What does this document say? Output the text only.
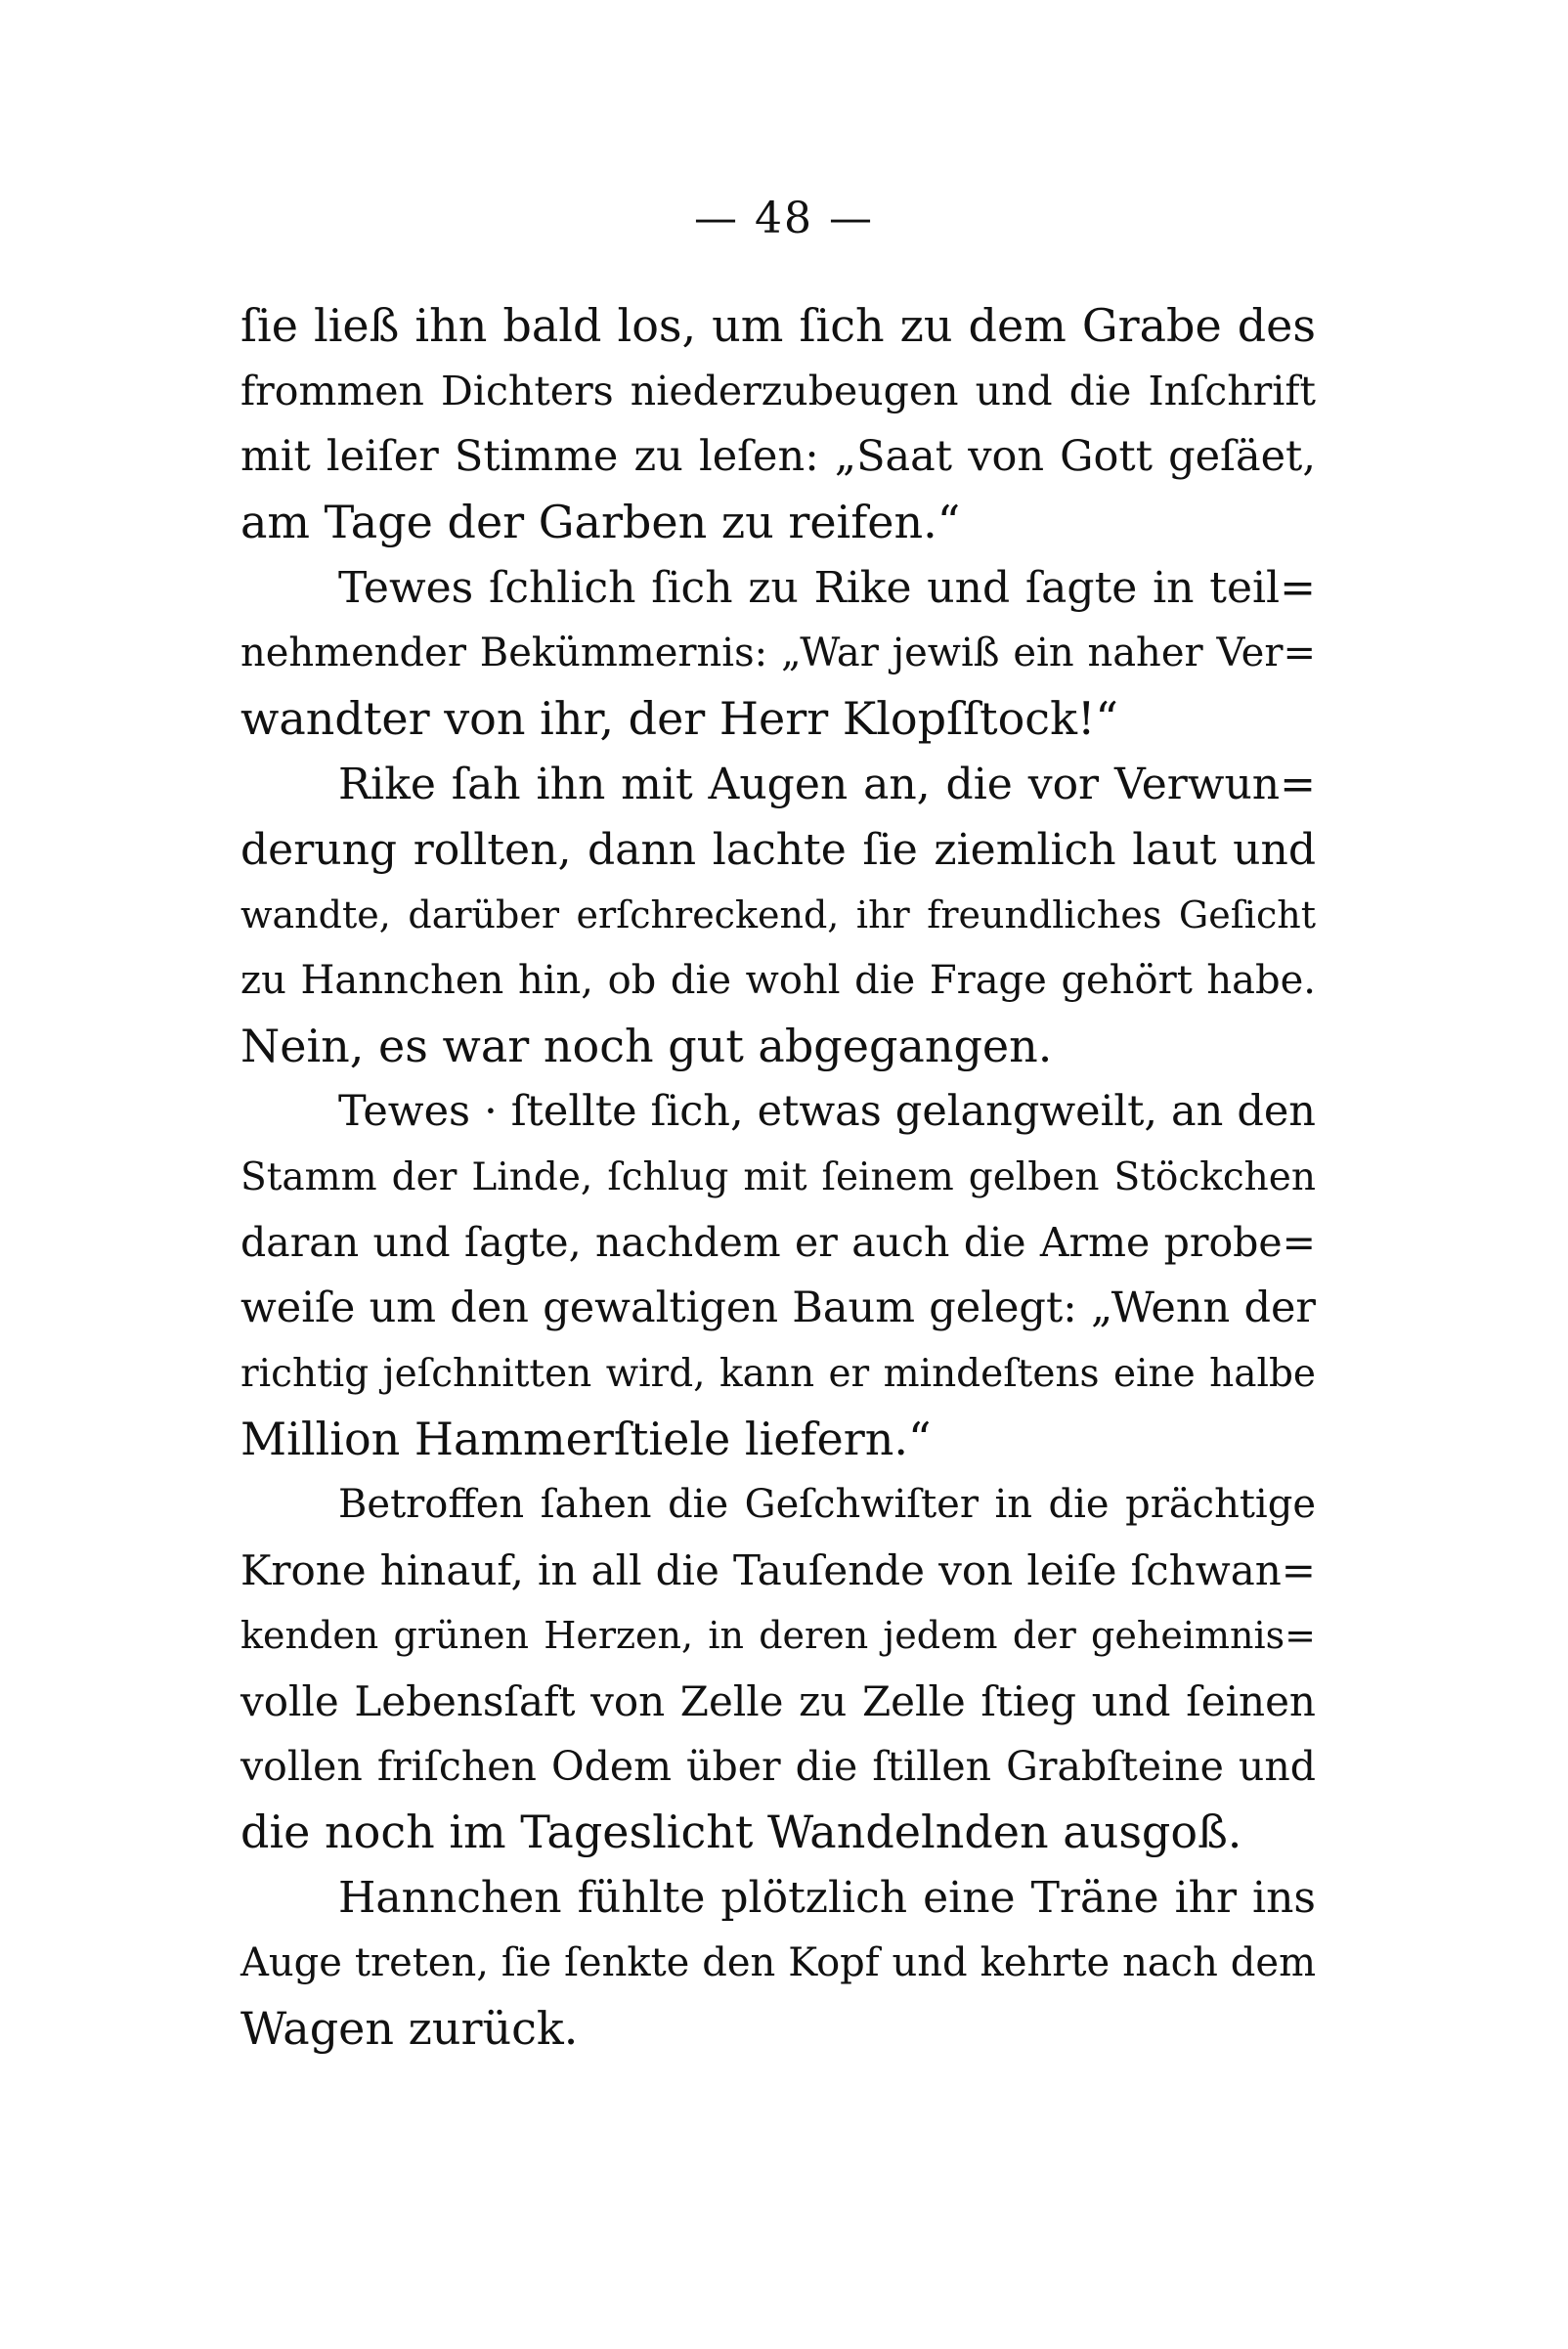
— 48 —
ſie ließ ihn bald los, um ſich zu dem Grabe des
frommen Dichters niederzubeugen und die Inſchrift
mit leiſer Stimme zu leſen: „Saat von Gott geſäet,
am Tage der Garben zu reifen.“
Tewes ſchlich ſich zu Rike und ſagte in teil=
nehmender Bekümmernis: „War jewiß ein naher Ver=
wandter von ihr, der Herr Klopſſtock!“
Rike ſah ihn mit Augen an, die vor Verwun=
derung rollten, dann lachte ſie ziemlich laut und
wandte, darüber erſchreckend, ihr freundliches Geſicht
zu Hannchen hin, ob die wohl die Frage gehört habe.
Nein, es war noch gut abgegangen.
Tewes · ſtellte ſich, etwas gelangweilt, an den
Stamm der Linde, ſchlug mit ſeinem gelben Stöckchen
daran und ſagte, nachdem er auch die Arme probe=
weiſe um den gewaltigen Baum gelegt: „Wenn der
richtig jeſchnitten wird, kann er mindeſtens eine halbe
Million Hammerſtiele liefern.“
Betroffen ſahen die Geſchwiſter in die prächtige
Krone hinauf, in all die Tauſende von leiſe ſchwan=
kenden grünen Herzen, in deren jedem der geheimnis=
volle Lebensſaft von Zelle zu Zelle ſtieg und ſeinen
vollen friſchen Odem über die ſtillen Grabſteine und
die noch im Tageslicht Wandelnden ausgoß.
Hannchen fühlte plötzlich eine Träne ihr ins
Auge treten, ſie ſenkte den Kopf und kehrte nach dem
Wagen zurück.
